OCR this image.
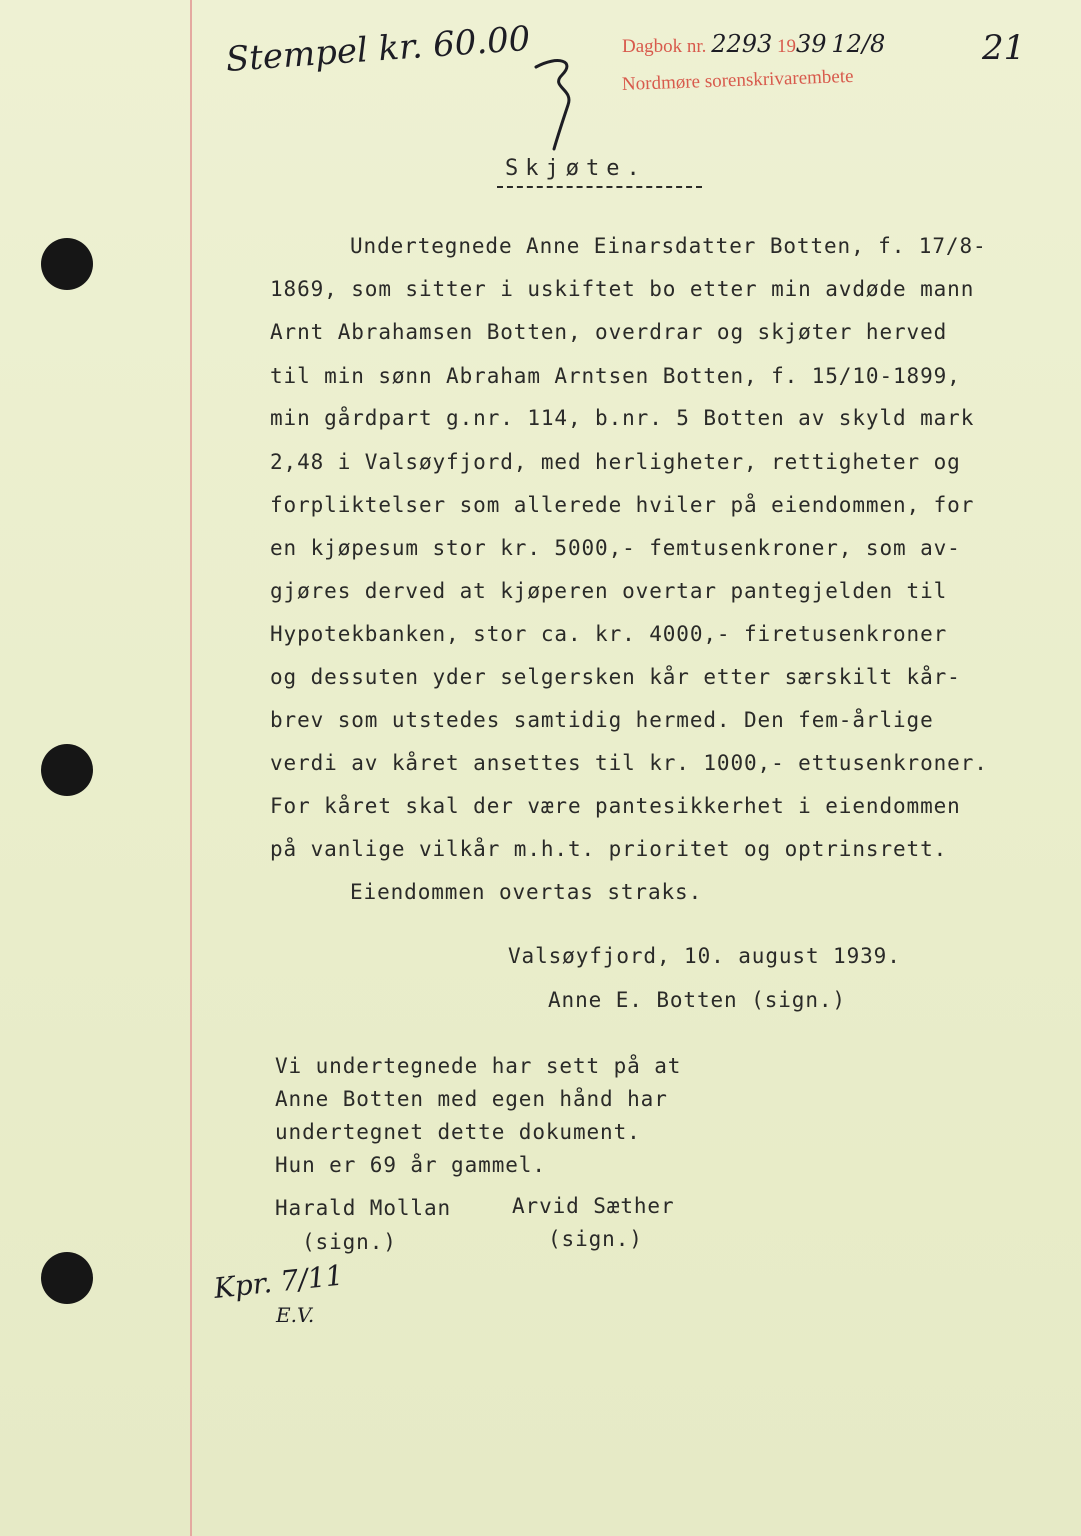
Stempel kr. 60.00	Dagbok nr. 2293 1939 12/8
Nordmøre sorenskrivarembete
21
Skjøte.
Undertegnede Anne Einarsdatter Botten, f. 17/8-
1869, som sitter i uskiftet bo etter min avdøde mann
Arnt Abrahamsen Botten, overdrar og skjøter herved
til min sønn Abraham Arntsen Botten, f. 15/10-1899,
min gårdpart g.nr. 114, b.nr. 5 Botten av skyld mark
2,48 i Valsøyfjord, med herligheter, rettigheter og
forpliktelser som allerede hviler på eiendommen, for
en kjøpesum stor kr. 5000,- femtusenkroner, som av-
gjøres derved at kjøperen overtar pantegjelden til
Hypotekbanken, stor ca. kr. 4000,- firetusenkroner
og dessuten yder selgersken kår etter særskilt kår-
brev som utstedes samtidig hermed. Den fem-årlige
verdi av kåret ansettes til kr. 1000,- ettusenkroner.
For kåret skal der være pantesikkerhet i eiendommen
på vanlige vilkår m.h.t. prioritet og optrinsrett.
Eiendommen overtas straks.
Valsøyfjord, 10. august 1939.
Anne E. Botten (sign.)
Vi undertegnede har sett på at
Anne Botten med egen hånd har
undertegnet dette dokument.
Hun er 69 år gammel.
Harald Mollan
(sign.)
Arvid Sæther
(sign.)
Kpr. 7/11
E.V.
